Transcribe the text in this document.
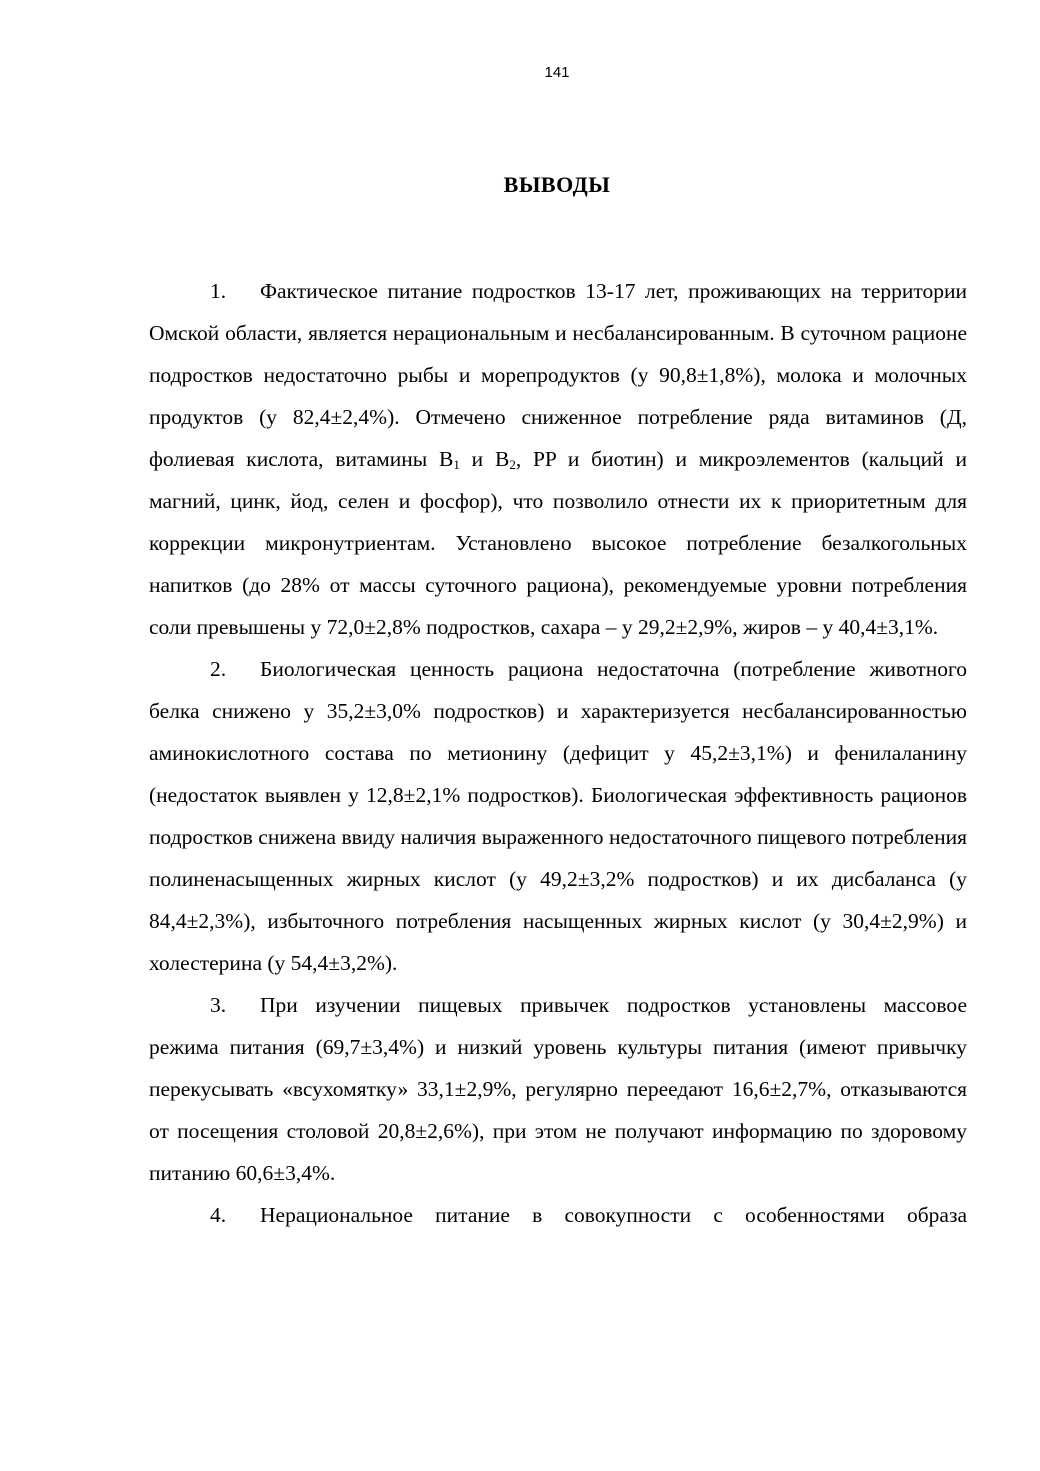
141
ВЫВОДЫ

1. Фактическое питание подростков 13-17 лет, проживающих на территории Омской области, является нерациональным и несбалансированным. В суточном рационе подростков недостаточно рыбы и морепродуктов (у 90,8±1,8%), молока и молочных продуктов (у 82,4±2,4%). Отмечено сниженное потребление ряда витаминов (Д, фолиевая кислота, витамины $B_1$ и $B_2$, PP и биотин) и микроэлементов (кальций и магний, цинк, йод, селен и фосфор), что позволило отнести их к приоритетным для коррекции микронутриентам. Установлено высокое потребление безалкогольных напитков (до 28% от массы суточного рациона), рекомендуемые уровни потребления соли превышены у 72,0±2,8% подростков, сахара – у 29,2±2,9%, жиров – у 40,4±3,1%.

2. Биологическая ценность рациона недостаточна (потребление животного белка снижено у 35,2±3,0% подростков) и характеризуется несбалансированностью аминокислотного состава по метионину (дефицит у 45,2±3,1%) и фенилаланину (недостаток выявлен у 12,8±2,1% подростков). Биологическая эффективность рационов подростков снижена ввиду наличия выраженного недостаточного пищевого потребления полиненасыщенных жирных кислот (у 49,2±3,2% подростков) и их дисбаланса (у 84,4±2,3%), избыточного потребления насыщенных жирных кислот (у 30,4±2,9%) и холестерина (у 54,4±3,2%).

3. При изучении пищевых привычек подростков установлены массовое режима питания (69,7±3,4%) и низкий уровень культуры питания (имеют привычку перекусывать «всухомятку» 33,1±2,9%, регулярно переедают 16,6±2,7%, отказываются от посещения столовой 20,8±2,6%), при этом не получают информацию по здоровому питанию 60,6±3,4%.

4. Нерациональное питание в совокупности с особенностями образа
